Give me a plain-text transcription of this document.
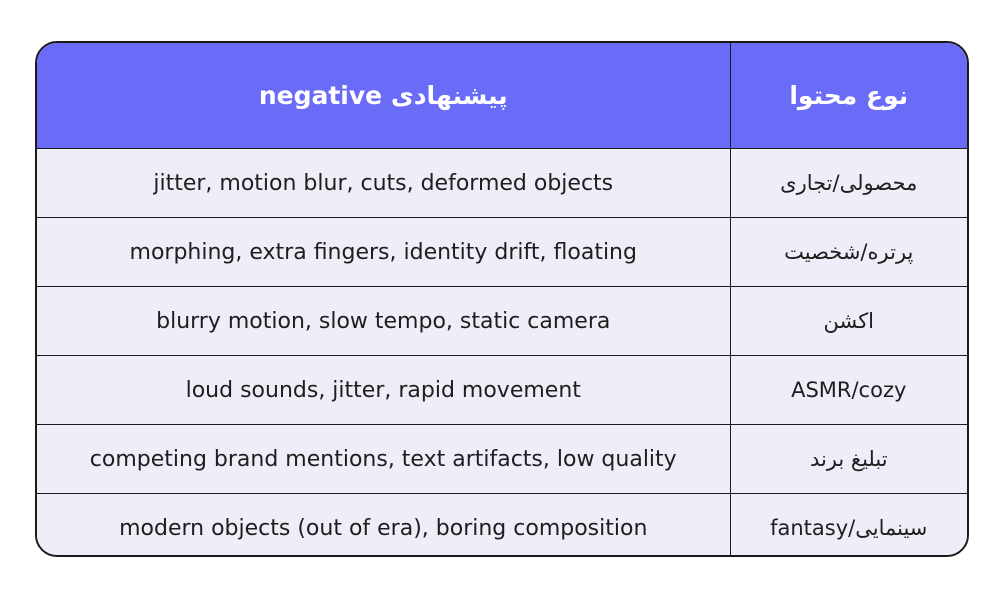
negative پیشنهادی	نوع محتوا
jitter, motion blur, cuts, deformed objects	محصولی/تجاری
morphing, extra fingers, identity drift, floating	پرتره/شخصیت
blurry motion, slow tempo, static camera	اکشن
loud sounds, jitter, rapid movement	ASMR/cozy
competing brand mentions, text artifacts, low quality	تبلیغ برند
modern objects (out of era), boring composition	سینمایی/fantasy
